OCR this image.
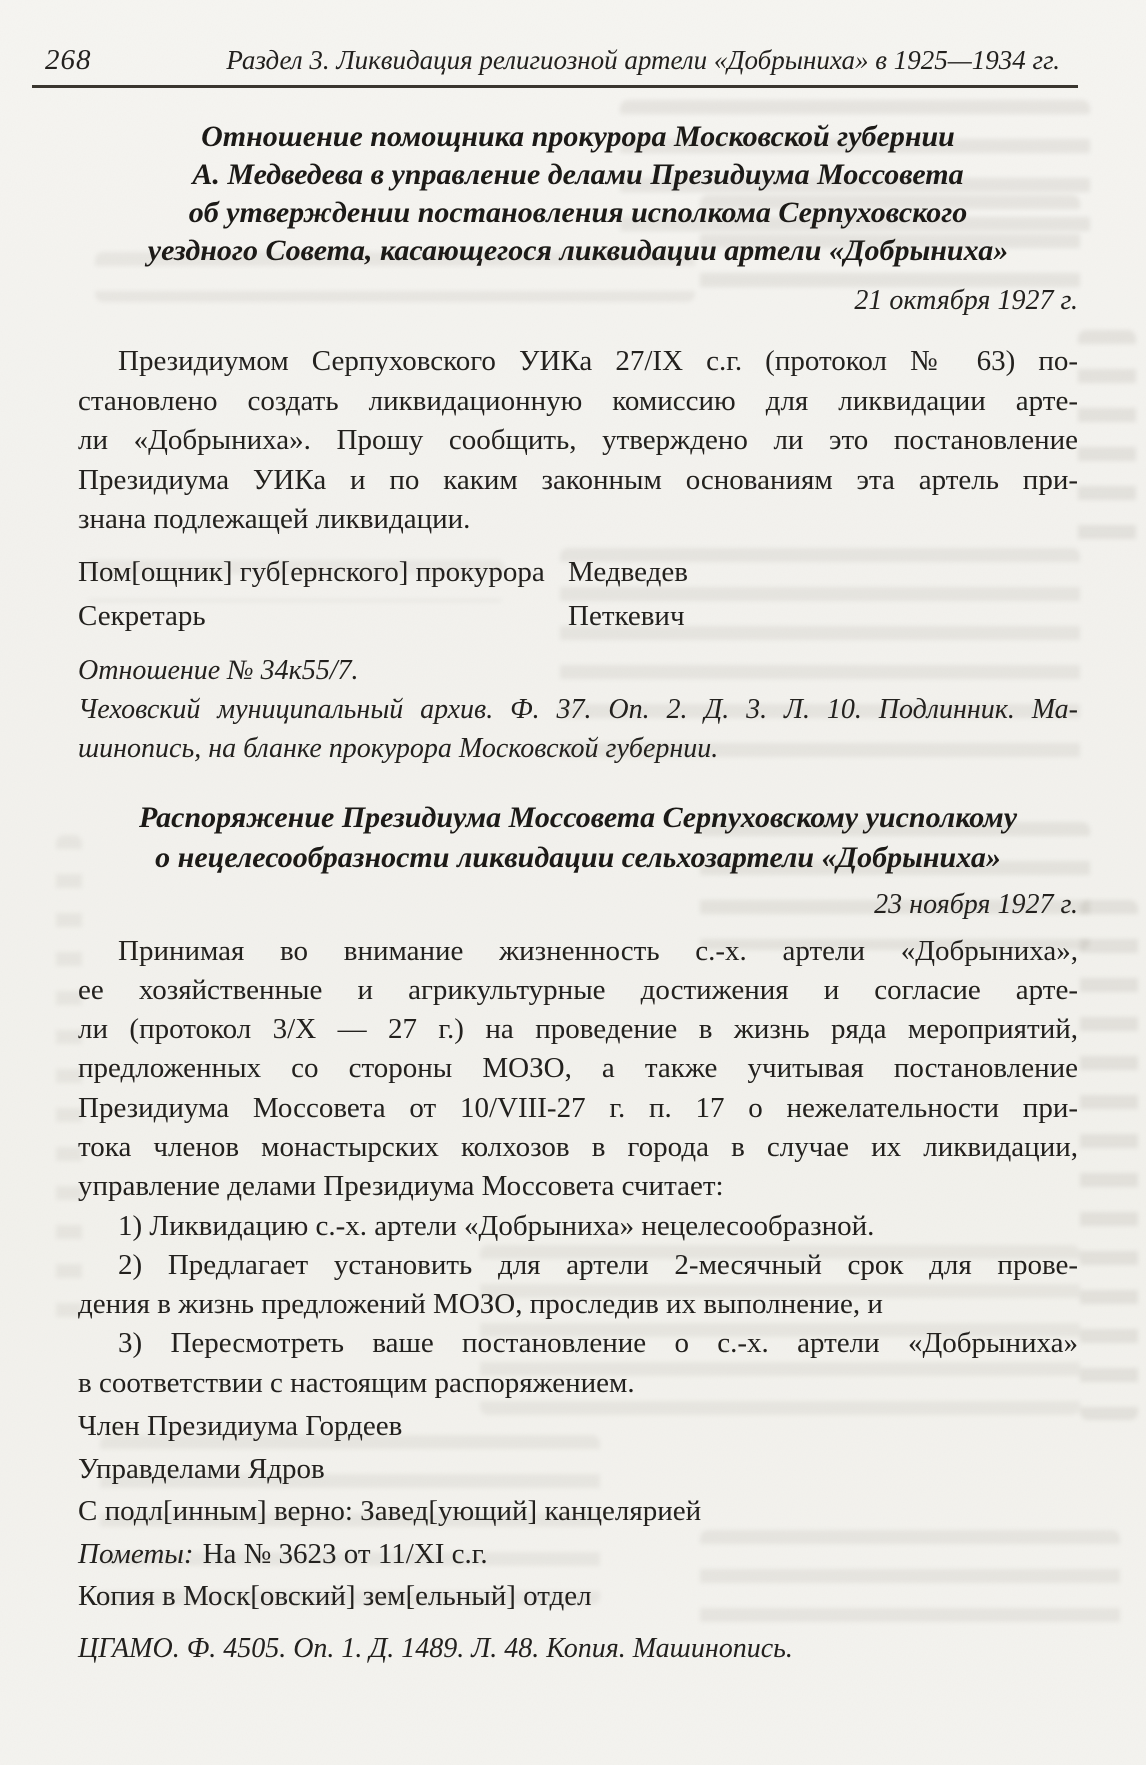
268	Раздел 3. Ликвидация религиозной артели «Добрыниха» в 1925—1934 гг.
Отношение помощника прокурора Московской губернии
А. Медведева в управление делами Президиума Моссовета
об утверждении постановления исполкома Серпуховского
уездного Совета, касающегося ликвидации артели «Добрыниха»
21 октября 1927 г.
Президиумом Серпуховского УИКа 27/IX с.г. (протокол № 63) по-
становлено создать ликвидационную комиссию для ликвидации арте-
ли «Добрыниха». Прошу сообщить, утверждено ли это постановление
Президиума УИКа и по каким законным основаниям эта артель при-
знана подлежащей ликвидации.
Пом[ощник] губ[ернского] прокурора Медведев
Секретарь	Петкевич
Отношение № 34к55/7.
Чеховский муниципальный архив. Ф. 37. Оп. 2. Д. 3. Л. 10. Подлинник. Ма-
шинопись, на бланке прокурора Московской губернии.
Распоряжение Президиума Моссовета Серпуховскому уисполкому
о нецелесообразности ликвидации сельхозартели «Добрыниха»
23 ноября 1927 г.
Принимая во внимание жизненность с.-х. артели «Добрыниха»,
ее хозяйственные и агрикультурные достижения и согласие арте-
ли (протокол 3/X — 27 г.) на проведение в жизнь ряда мероприятий,
предложенных со стороны МОЗО, а также учитывая постановление
Президиума Моссовета от 10/VIII-27 г. п. 17 о нежелательности при-
тока членов монастырских колхозов в города в случае их ликвидации,
управление делами Президиума Моссовета считает:
1) Ликвидацию с.-х. артели «Добрыниха» нецелесообразной.
2) Предлагает установить для артели 2-месячный срок для прове-
дения в жизнь предложений МОЗО, проследив их выполнение, и
3) Пересмотреть ваше постановление о с.-х. артели «Добрыниха»
в соответствии с настоящим распоряжением.
Член Президиума Гордеев
Управделами Ядров
С подл[инным] верно: Завед[ующий] канцелярией
Пометы: На № 3623 от 11/XI с.г.
Копия в Моск[овский] зем[ельный] отдел
ЦГАМО. Ф. 4505. Оп. 1. Д. 1489. Л. 48. Копия. Машинопись.
